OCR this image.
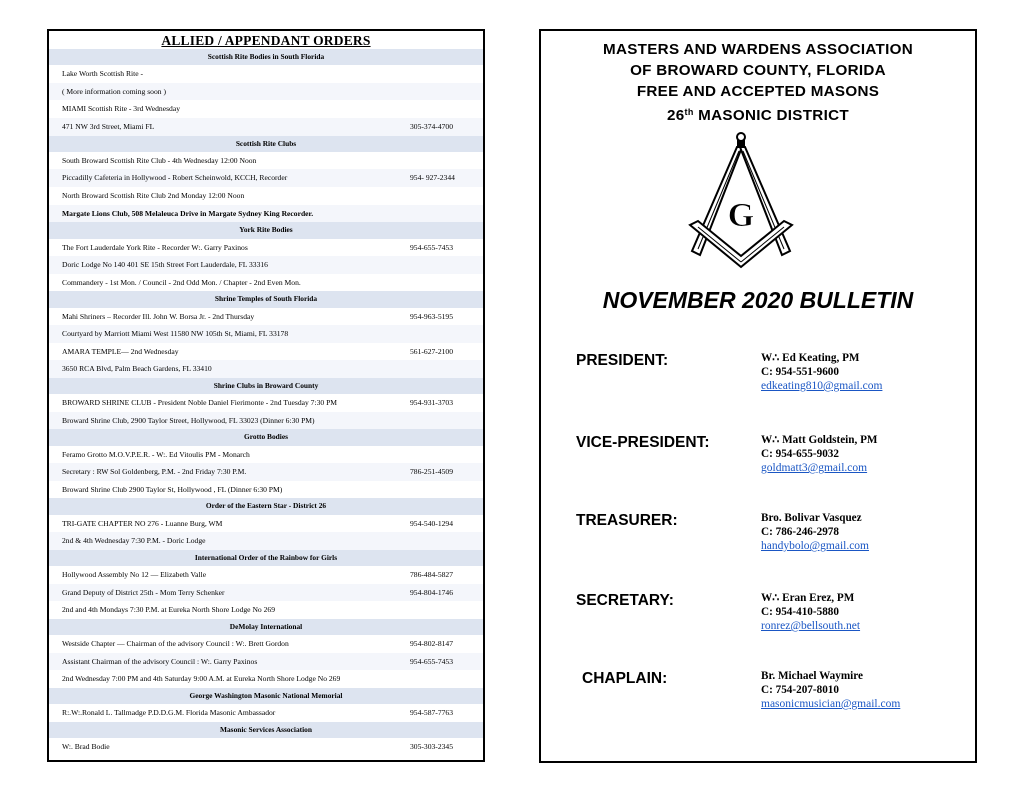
ALLIED / APPENDANT ORDERS
Scottish Rite Bodies in South Florida
Lake Worth Scottish Rite -
( More information coming soon )
MIAMI Scottish Rite - 3rd Wednesday
471 NW 3rd Street, Miami FL	305-374-4700
Scottish Rite Clubs
South Broward Scottish Rite Club - 4th Wednesday 12:00 Noon
Piccadilly Cafeteria in Hollywood - Robert Scheinwold, KCCH, Recorder	954- 927-2344
North Broward Scottish Rite Club 2nd Monday 12:00 Noon
Margate Lions Club, 508 Melaleuca Drive in Margate Sydney King Recorder.
York Rite Bodies
The Fort Lauderdale York Rite - Recorder W:. Garry Paxinos	954-655-7453
Doric Lodge No 140 401 SE 15th Street Fort Lauderdale, FL 33316
Commandery - 1st Mon. / Council - 2nd Odd Mon. / Chapter - 2nd Even Mon.
Shrine Temples of South Florida
Mahi Shriners – Recorder Ill. John W. Borsa Jr. - 2nd Thursday	954-963-5195
Courtyard by Marriott Miami West 11580 NW 105th St, Miami, FL 33178
AMARA TEMPLE— 2nd Wednesday	561-627-2100
3650 RCA Blvd, Palm Beach Gardens, FL 33410
Shrine Clubs in Broward County
BROWARD SHRINE CLUB - President Noble Daniel Fierimonte - 2nd Tuesday 7:30 PM	954-931-3703
Broward Shrine Club, 2900 Taylor Street, Hollywood, FL 33023 (Dinner 6:30 PM)
Grotto Bodies
Feramo Grotto M.O.V.P.E.R. - W:. Ed Vitoulis PM - Monarch
Secretary : RW Sol Goldenberg, P.M. - 2nd Friday 7:30 P.M.	786-251-4509
Broward Shrine Club 2900 Taylor St, Hollywood , FL (Dinner 6:30 PM)
Order of the Eastern Star - District 26
TRI-GATE CHAPTER NO 276 - Luanne Burg, WM	954-540-1294
2nd & 4th Wednesday 7:30 P.M. - Doric Lodge
International Order of the Rainbow for Girls
Hollywood Assembly No 12 — Elizabeth Valle	786-484-5827
Grand Deputy of District 25th - Mom Terry Schenker	954-804-1746
2nd and 4th Mondays 7:30 P.M. at Eureka North Shore Lodge No 269
DeMolay International
Westside Chapter — Chairman of the advisory Council : W:. Brett Gordon	954-802-8147
Assistant Chairman of the advisory Council : W:. Garry Paxinos	954-655-7453
2nd Wednesday 7:00 PM and 4th Saturday 9:00 A.M. at Eureka North Shore Lodge No 269
George Washington Masonic National Memorial
R:.W:.Ronald L. Tallmadge P.D.D.G.M. Florida Masonic Ambassador	954-587-7763
Masonic Services Association
W:. Brad Bodie	305-303-2345
MASTERS AND WARDENS ASSOCIATION
OF BROWARD COUNTY, FLORIDA
FREE AND ACCEPTED MASONS
26th MASONIC DISTRICT
G
NOVEMBER 2020 BULLETIN
PRESIDENT:	W∴ Ed Keating, PM
C: 954-551-9600
edkeating810@gmail.com
VICE-PRESIDENT:	W∴ Matt Goldstein, PM
C: 954-655-9032
goldmatt3@gmail.com
TREASURER:	Bro. Bolivar Vasquez
C: 786-246-2978
handybolo@gmail.com
SECRETARY:	W∴ Eran Erez, PM
C: 954-410-5880
ronrez@bellsouth.net
CHAPLAIN:	Br. Michael Waymire
C: 754-207-8010
masonicmusician@gmail.com
